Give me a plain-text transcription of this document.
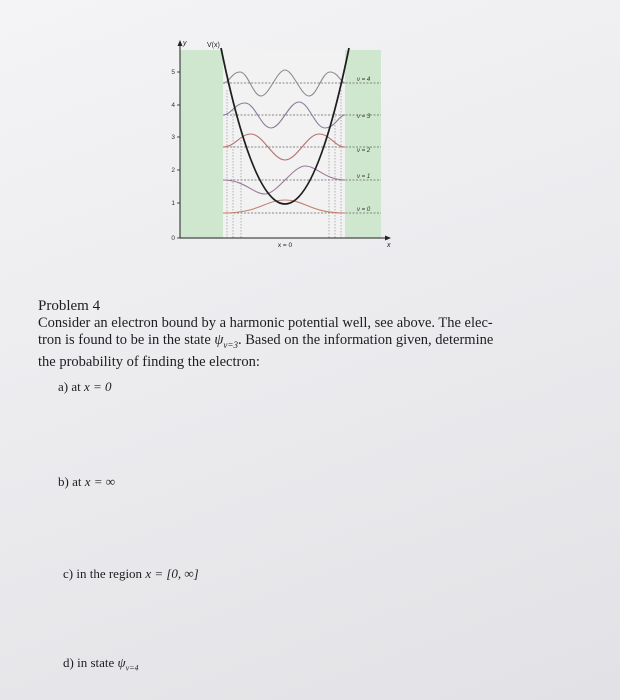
0
1
2
3
4
5
y	V(x)
x
x = 0
ν = 0
ν = 1
ν = 2
ν = 3
ν = 4
Problem 4

Consider an electron bound by a harmonic potential well, see above. The elec-
tron is found to be in the state $\psi_{\nu=3}$. Based on the information given, determine
the probability of finding the electron:

a) at x = 0
b) at x = ∞
c) in the region x = [0, ∞]
d) in state $\psi_{\nu=4}$
